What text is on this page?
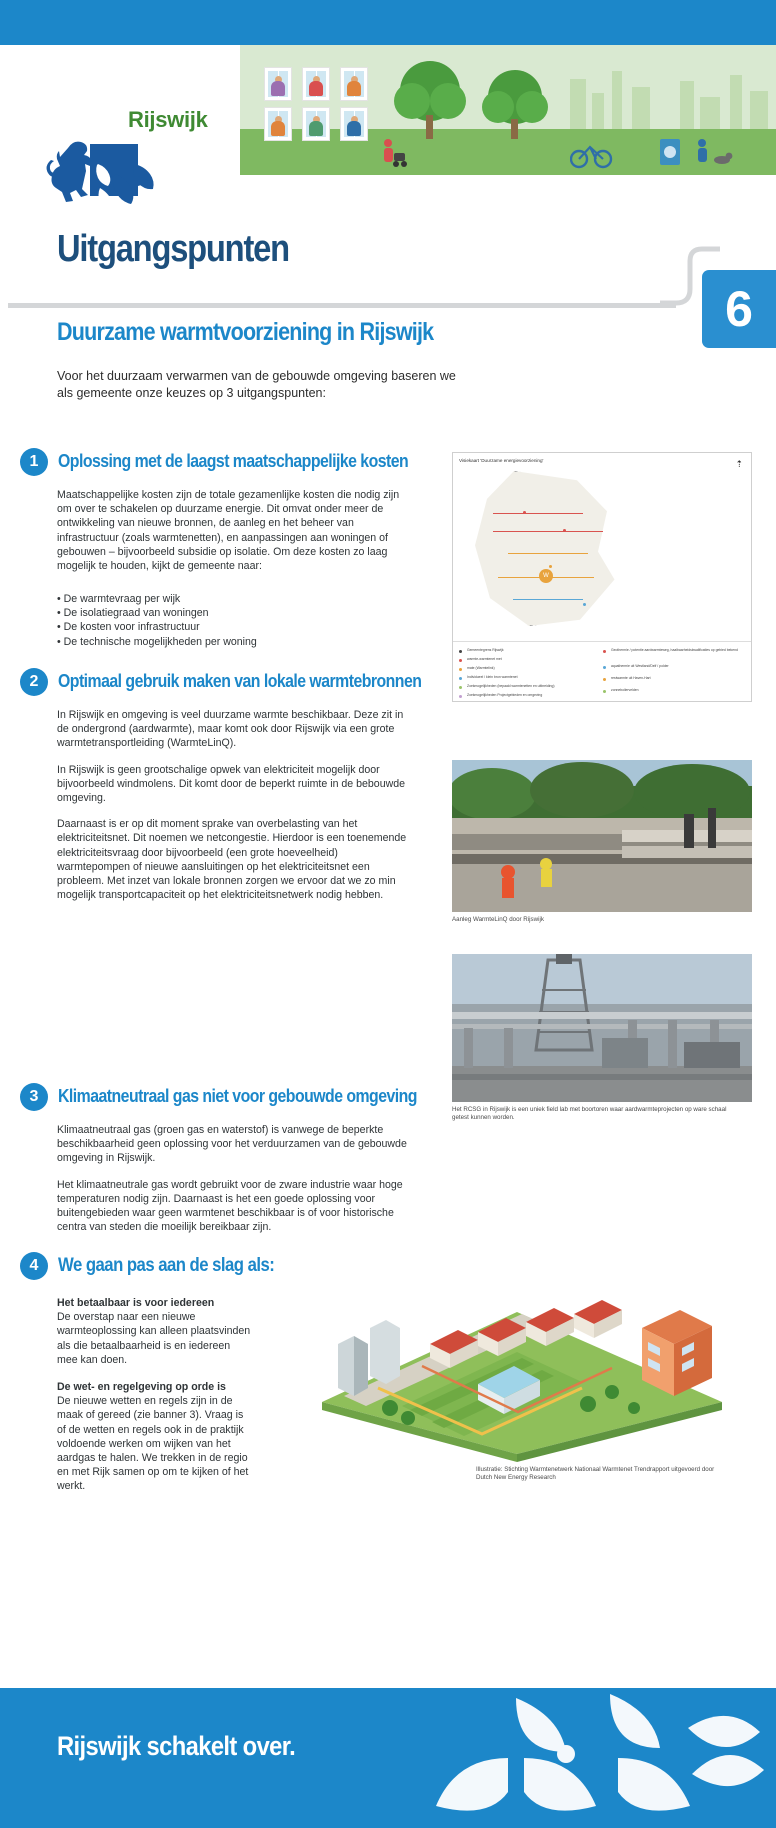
Rijswijk
Uitgangspunten
6
Duurzame warmtvoorziening in Rijswijk
Voor het duurzaam verwarmen van de gebouwde omgeving baseren we als gemeente onze keuzes op 3 uitgangspunten:
1	Oplossing met de laagst maatschappelijke kosten

Maatschappelijke kosten zijn de totale gezamenlijke kosten die nodig zijn om over te schakelen op duurzame energie. Dit omvat onder meer de ontwikkeling van nieuwe bronnen, de aanleg en het beheer van infrastructuur (zoals warmtenetten), en aanpassingen aan woningen of gebouwen – bijvoorbeeld subsidie op isolatie. Om deze kosten zo laag mogelijk te houden, kijkt de gemeente naar:

• De warmtevraag per wijk
• De isolatiegraad van woningen
• De kosten voor infrastructuur
• De technische mogelijkheden per woning
Visiekaart 'Duurzame energievoorziening'	⇡
W
Gemeentegrens Rijswijk
warmte-warmtenet met
mate (Warmtelink)
Individueel / klein bron warmtenet
Zoekmogelijkheden (bepaald warmtenetten en uitbreiding)
Zoekmogelijkheden Projectgebieden en omgeving
Geothermie / potentie aardwarmteweg, haalbaarheidskwalificaties op gebied bekend
aquathermie uit Westland/Delf / polder
restwarmte uit Haven-Hart
zonneboilervelden
2	Optimaal gebruik maken van lokale warmtebronnen

In Rijswijk en omgeving is veel duurzame warmte beschikbaar. Deze zit in de ondergrond (aardwarmte), maar komt ook door Rijswijk via een grote warmtetransportleiding (WarmteLinQ).

In Rijswijk is geen grootschalige opwek van elektriciteit mogelijk door bijvoorbeeld windmolens. Dit komt door de beperkt ruimte in de bebouwde omgeving.

Daarnaast is er op dit moment sprake van overbelasting van het elektriciteitsnet. Dit noemen we netcongestie. Hierdoor is een toenemende elektriciteitsvraag door bijvoorbeeld (een grote hoeveelheid) warmtepompen of nieuwe aansluitingen op het elektriciteitsnet een probleem. Met inzet van lokale bronnen zorgen we ervoor dat we zo min mogelijk transportcapaciteit op het elektriciteitsnetwerk nodig hebben.

Aanleg WarmteLinQ door Rijswijk
3	Klimaatneutraal gas niet voor gebouwde omgeving

Klimaatneutraal gas (groen gas en waterstof) is vanwege de beperkte beschikbaarheid geen oplossing voor het verduurzamen van de gebouwde omgeving in Rijswijk.

Het klimaatneutrale gas wordt gebruikt voor de zware industrie waar hoge temperaturen nodig zijn. Daarnaast is het een goede oplossing voor buitengebieden waar geen warmtenet beschikbaar is of voor historische centra van steden die moeilijk bereikbaar zijn.

Het RCSG in Rijswijk is een uniek field lab met boortoren waar aardwarmteprojecten op ware schaal getest kunnen worden.
4	We gaan pas aan de slag als:
Het betaalbaar is voor iedereen
De overstap naar een nieuwe warmteoplossing kan alleen plaatsvinden als die betaalbaarheid is en iedereen mee kan doen.
De wet- en regelgeving op orde is
De nieuwe wetten en regels zijn in de maak of gereed (zie banner 3). Vraag is of de wetten en regels ook in de praktijk voldoende werken om wijken van het aardgas te halen. We trekken in de regio en met Rijk samen op om te kijken of het werkt.
Illustratie: Stichting Warmtenetwerk Nationaal Warmtenet Trendrapport uitgevoerd door Dutch New Energy Research
Rijswijk schakelt over.
